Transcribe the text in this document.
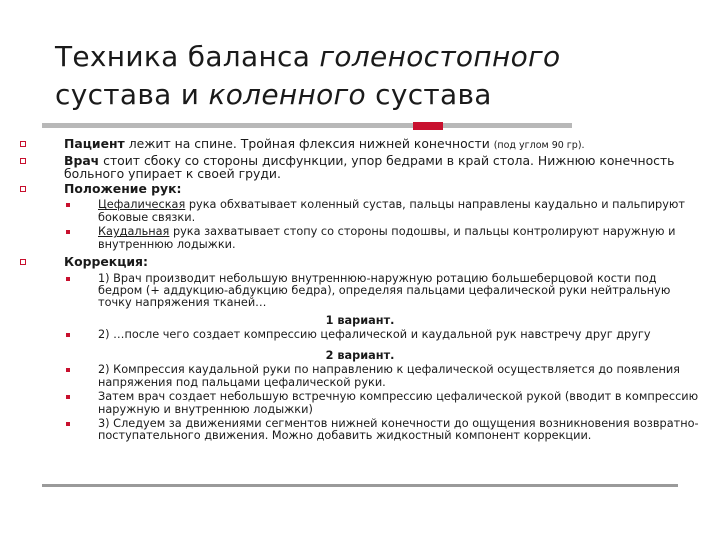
Техника баланса голеностопного
сустава и коленного сустава
Пациент лежит на спине. Тройная флексия нижней конечности (под углом 90 гр).
Врач стоит сбоку со стороны дисфункции, упор бедрами в край стола. Нижнюю конечность больного упирает к своей груди.
Положение рук:
Цефалическая рука обхватывает коленный сустав, пальцы направлены каудально и пальпируют боковые связки.
Каудальная рука захватывает стопу со стороны подошвы, и пальцы контролируют наружную и внутреннюю лодыжки.
Коррекция:
1) Врач производит небольшую внутреннюю-наружную ротацию большеберцовой кости под бедром (+ аддукцию-абдукцию бедра), определяя пальцами цефалической руки нейтральную точку напряжения тканей…
1 вариант.
2) …после чего создает компрессию цефалической и каудальной рук навстречу друг другу
2 вариант.
2) Компрессия каудальной руки по направлению к цефалической осуществляется до появления напряжения под пальцами цефалической руки.
Затем врач создает небольшую встречную компрессию цефалической рукой (вводит в компрессию наружную и внутреннюю лодыжки)
3) Следуем за движениями сегментов нижней конечности до ощущения возникновения возвратно-поступательного движения. Можно добавить жидкостный компонент коррекции.
